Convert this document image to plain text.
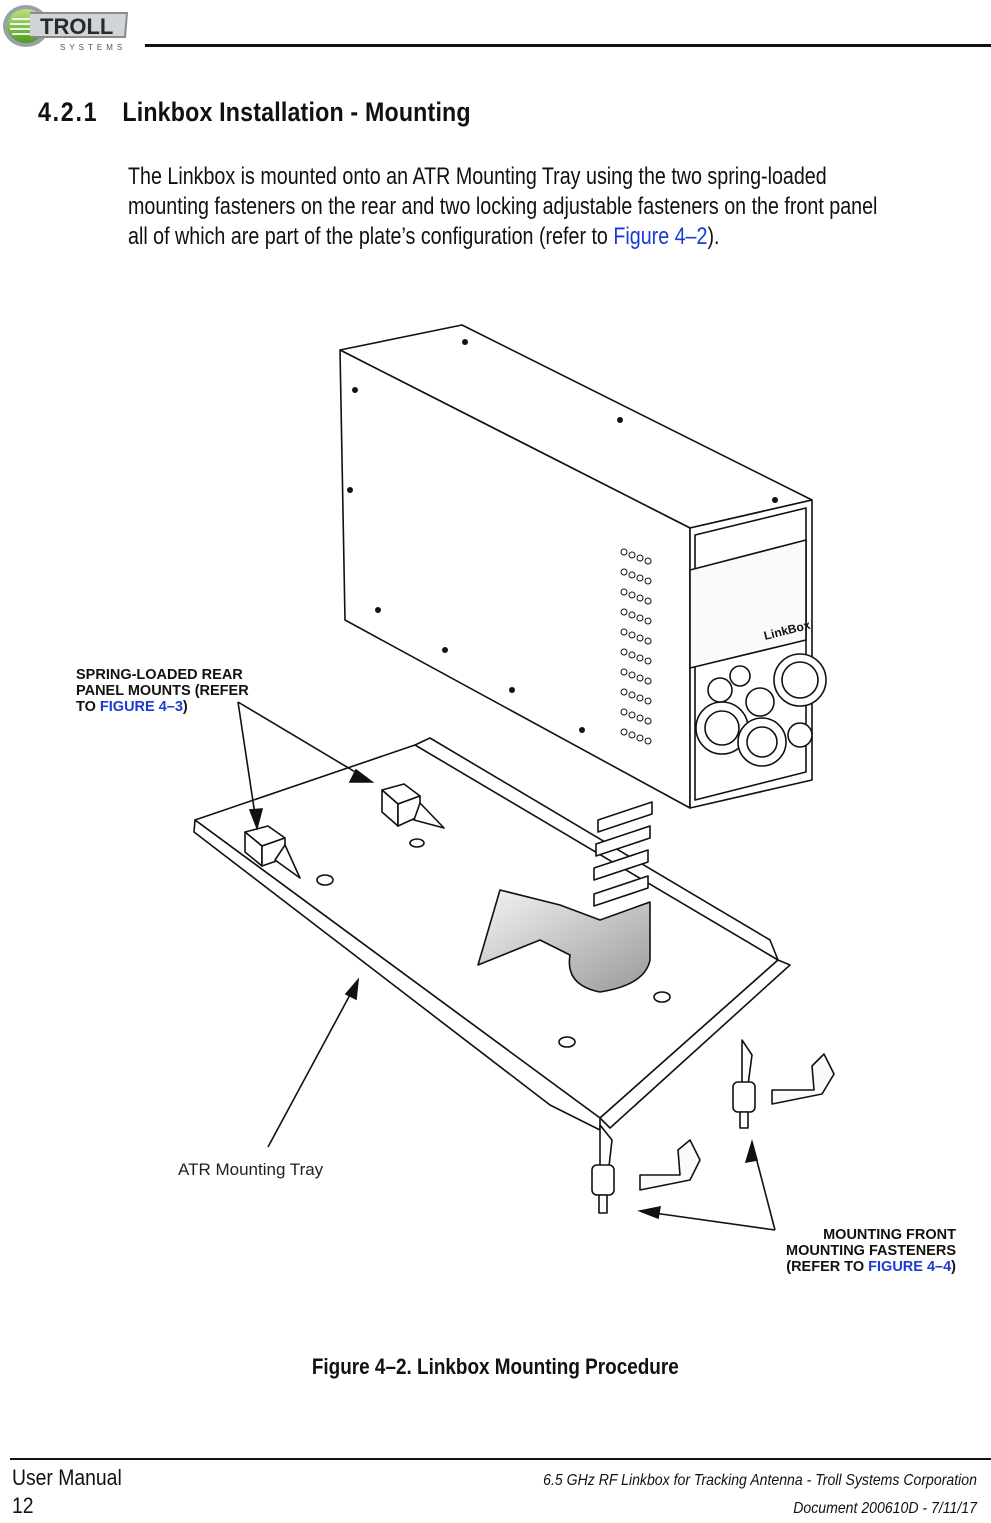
TROLL
SYSTEMS
4.2.1 Linkbox Installation - Mounting

The Linkbox is mounted onto an ATR Mounting Tray using the two spring-loaded

mounting fasteners on the rear and two locking adjustable fasteners on the front panel

all of which are part of the plate’s configuration (refer to Figure 4–2).

LinkBox
SPRING-LOADED REAR
PANEL MOUNTS (REFER
TO FIGURE 4–3)
ATR Mounting Tray
MOUNTING FRONT
MOUNTING FASTENERS
(REFER TO FIGURE 4–4)
Figure 4–2. Linkbox Mounting Procedure
User Manual
12
6.5 GHz RF Linkbox for Tracking Antenna - Troll Systems Corporation
Document 200610D - 7/11/17
